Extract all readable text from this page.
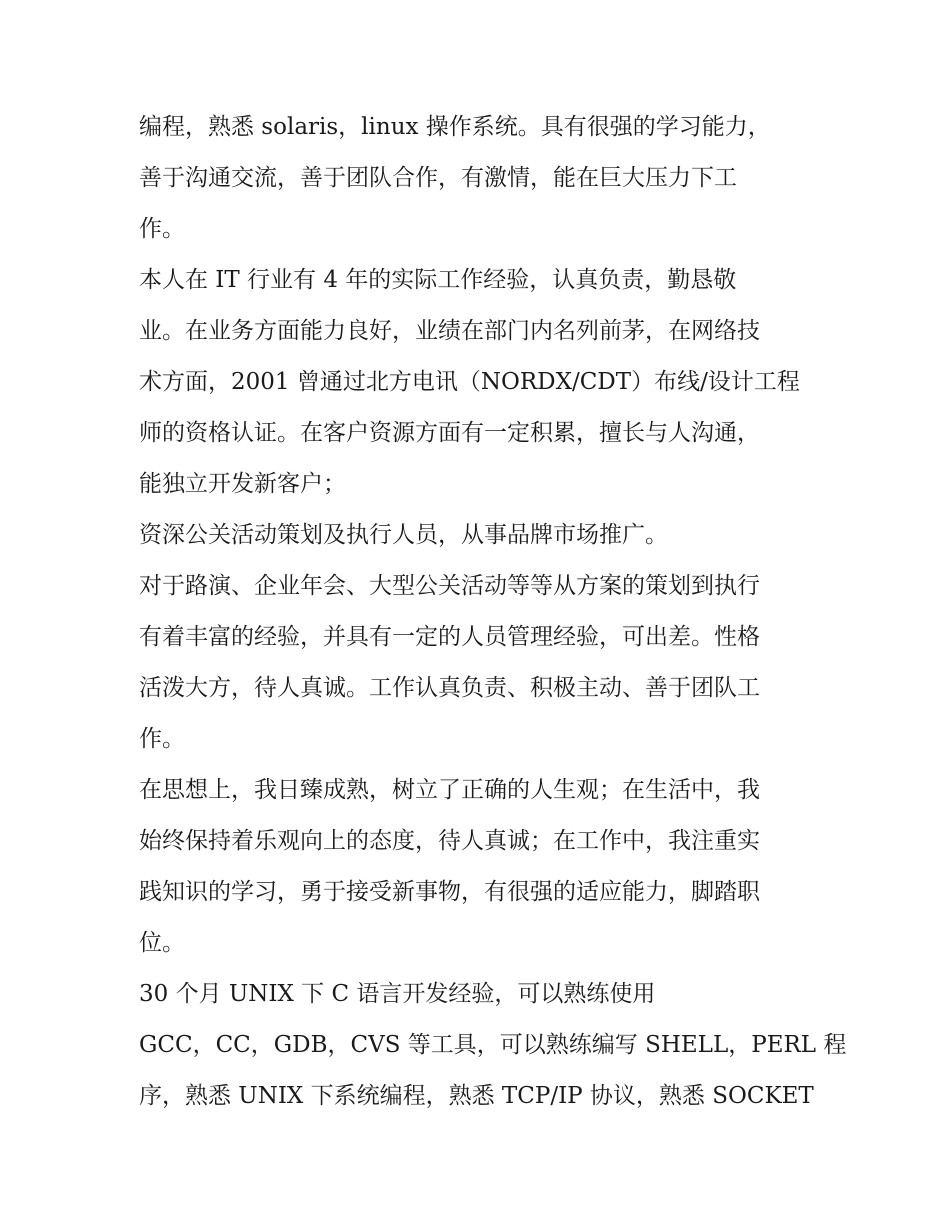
编程，熟悉 solaris，linux 操作系统。具有很强的学习能力，
善于沟通交流，善于团队合作，有激情，能在巨大压力下工
作。
本人在 IT 行业有 4 年的实际工作经验，认真负责，勤恳敬
业。在业务方面能力良好，业绩在部门内名列前茅，在网络技
术方面，2001 曾通过北方电讯（NORDX/CDT）布线/设计工程
师的资格认证。在客户资源方面有一定积累，擅长与人沟通，
能独立开发新客户；
资深公关活动策划及执行人员，从事品牌市场推广。
对于路演、企业年会、大型公关活动等等从方案的策划到执行
有着丰富的经验，并具有一定的人员管理经验，可出差。性格
活泼大方，待人真诚。工作认真负责、积极主动、善于团队工
作。
在思想上，我日臻成熟，树立了正确的人生观；在生活中，我
始终保持着乐观向上的态度，待人真诚；在工作中，我注重实
践知识的学习，勇于接受新事物，有很强的适应能力，脚踏职
位。
30 个月 UNIX 下 C 语言开发经验，可以熟练使用
GCC，CC，GDB，CVS 等工具，可以熟练编写 SHELL，PERL 程
序，熟悉 UNIX 下系统编程，熟悉 TCP/IP 协议，熟悉 SOCKET
